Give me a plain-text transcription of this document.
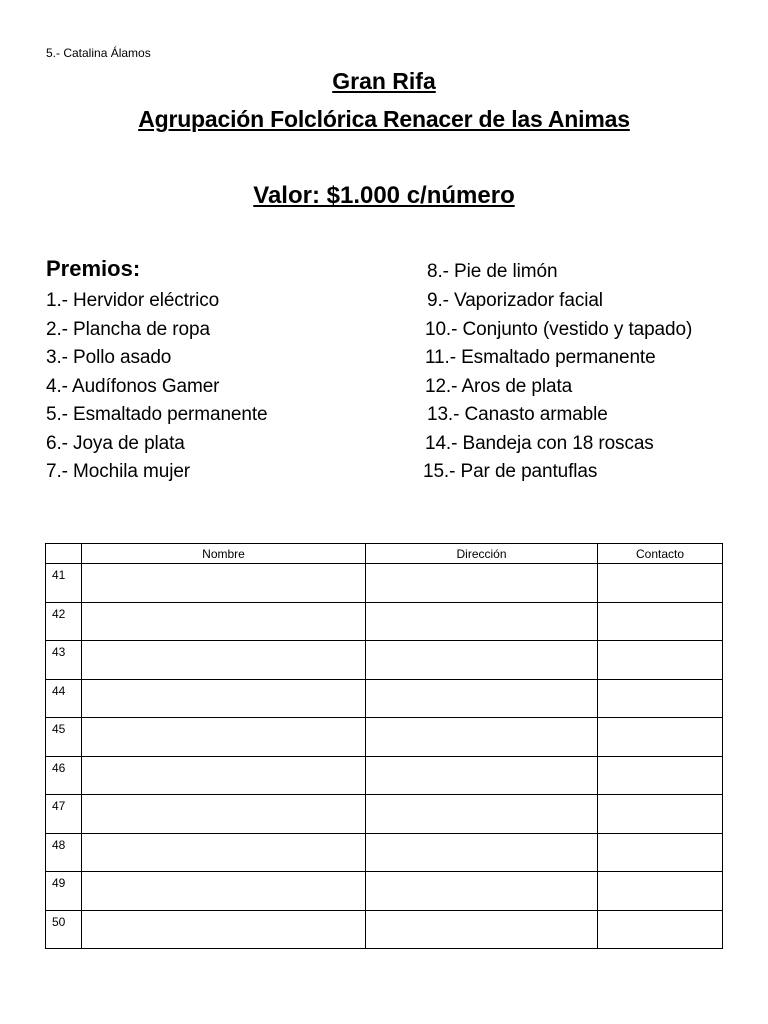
5.- Catalina Álamos
Gran Rifa
Agrupación Folclórica Renacer de las Animas
Valor: $1.000 c/número
Premios:
1.- Hervidor eléctrico
2.- Plancha de ropa
3.- Pollo asado
4.- Audífonos Gamer
5.- Esmaltado permanente
6.- Joya de plata
7.- Mochila mujer
8.- Pie de limón
9.- Vaporizador facial
10.- Conjunto (vestido y tapado)
11.- Esmaltado permanente
12.- Aros de plata
13.- Canasto armable
14.- Bandeja con 18 roscas
15.- Par de pantuflas
	Nombre	Dirección	Contacto
41			
42			
43			
44			
45			
46			
47			
48			
49			
50			
